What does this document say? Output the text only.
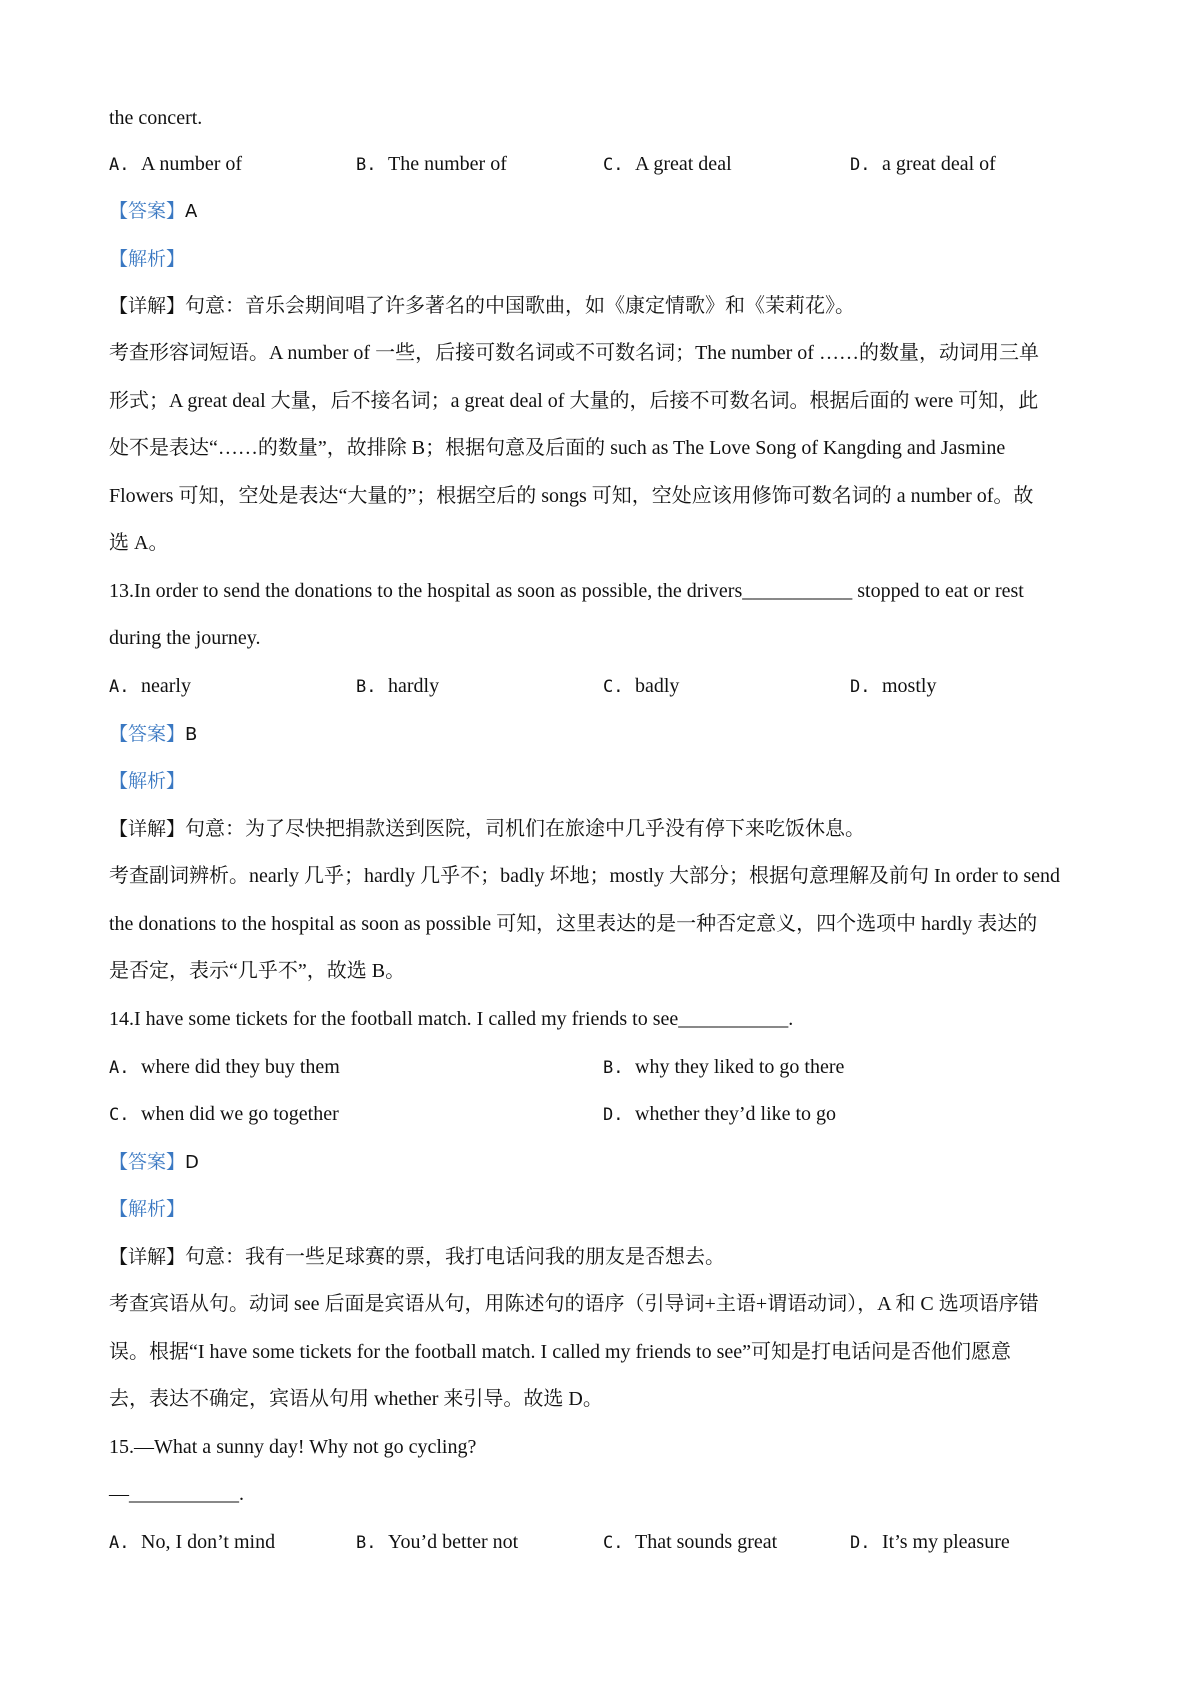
the concert.
A. A number of	B. The number of	C. A great deal	D. a great deal of
【答案】A
【解析】
【详解】句意：音乐会期间唱了许多著名的中国歌曲，如《康定情歌》和《茉莉花》。
考查形容词短语。A number of 一些，后接可数名词或不可数名词；The number of ……的数量，动词用三单
形式；A great deal 大量，后不接名词；a great deal of 大量的，后接不可数名词。根据后面的 were 可知，此
处不是表达“……的数量”，故排除 B；根据句意及后面的 such as The Love Song of Kangding and Jasmine
Flowers 可知，空处是表达“大量的”；根据空后的 songs 可知，空处应该用修饰可数名词的 a number of。故
选 A。
13.In order to send the donations to the hospital as soon as possible, the drivers___________ stopped to eat or rest
during the journey.
A. nearly	B. hardly	C. badly	D. mostly
【答案】B
【解析】
【详解】句意：为了尽快把捐款送到医院，司机们在旅途中几乎没有停下来吃饭休息。
考查副词辨析。nearly 几乎；hardly 几乎不；badly 坏地；mostly 大部分；根据句意理解及前句 In order to send
the donations to the hospital as soon as possible 可知，这里表达的是一种否定意义，四个选项中 hardly 表达的
是否定，表示“几乎不”，故选 B。
14.I have some tickets for the football match. I called my friends to see___________.
A. where did they buy them	B. why they liked to go there
C. when did we go together	D. whether they’d like to go
【答案】D
【解析】
【详解】句意：我有一些足球赛的票，我打电话问我的朋友是否想去。
考查宾语从句。动词 see 后面是宾语从句，用陈述句的语序（引导词+主语+谓语动词），A 和 C 选项语序错
误。根据“I have some tickets for the football match. I called my friends to see”可知是打电话问是否他们愿意
去，表达不确定，宾语从句用 whether 来引导。故选 D。
15.—What a sunny day! Why not go cycling?
—___________.
A. No, I don’t mind	B. You’d better not	C. That sounds great	D. It’s my pleasure
